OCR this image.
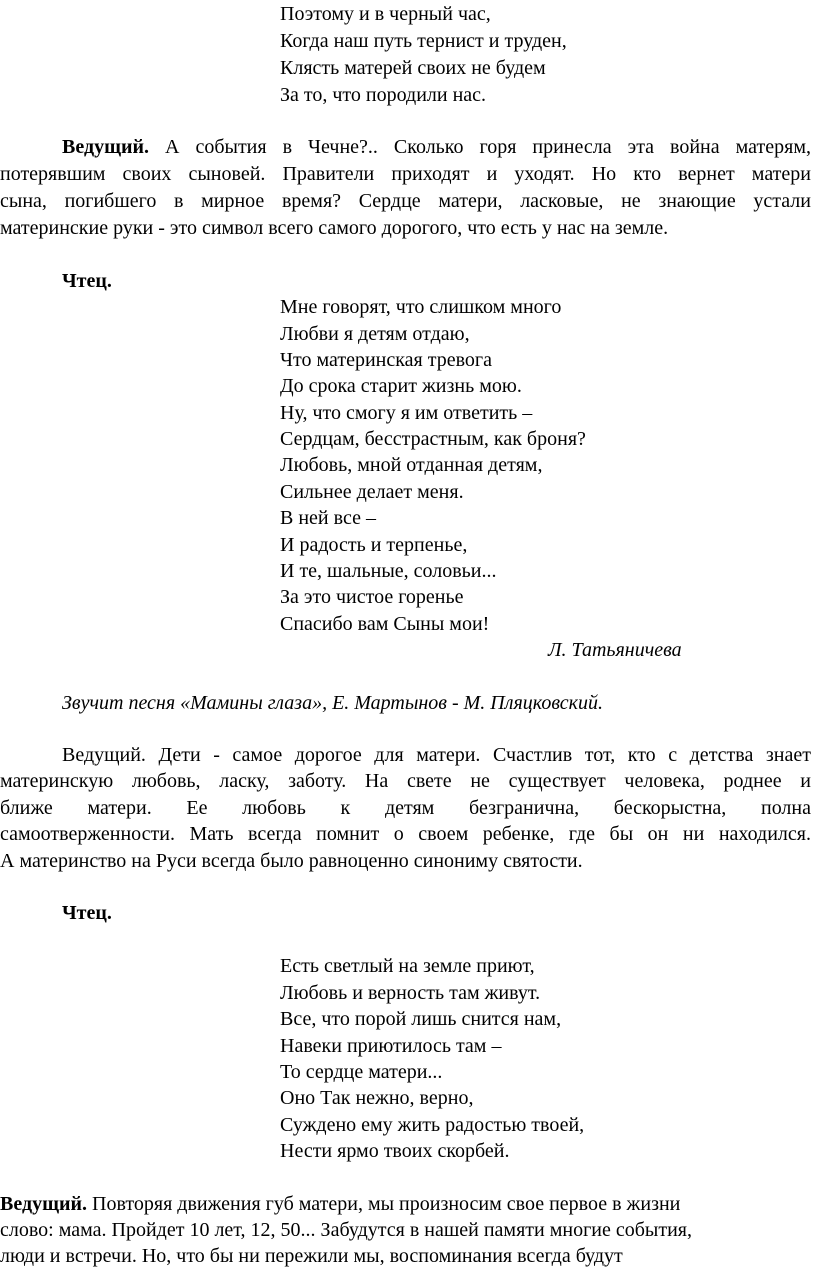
Поэтому и в черный час,
Когда наш путь тернист и труден,
Клясть матерей своих не будем
За то, что породили нас.
Ведущий. А события в Чечне?.. Сколько горя принесла эта война матерям,
потерявшим своих сыновей. Правители приходят и уходят. Но кто вернет матери
сына, погибшего в мирное время? Сердце матери, ласковые, не знающие устали
материнские руки - это символ всего самого дорогого, что есть у нас на земле.
Чтец.
Мне говорят, что слишком много
Любви я детям отдаю,
Что материнская тревога
До срока старит жизнь мою.
Ну, что смогу я им ответить –
Сердцам, бесстрастным, как броня?
Любовь, мной отданная детям,
Сильнее делает меня.
В ней все –
И радость и терпенье,
И те, шальные, соловьи...
За это чистое горенье
Спасибо вам Сыны мои!
Л. Татьяничева
Звучит песня «Мамины глаза», Е. Мартынов - М. Пляцковский.
Ведущий. Дети - самое дорогое для матери. Счастлив тот, кто с детства знает
материнскую любовь, ласку, заботу. На свете не существует человека, роднее и
ближе матери. Ее любовь к детям безгранична, бескорыстна, полна
самоотверженности. Мать всегда помнит о своем ребенке, где бы он ни находился.
А материнство на Руси всегда было равноценно синониму святости.
Чтец.
Есть светлый на земле приют,
Любовь и верность там живут.
Все, что порой лишь снится нам,
Навеки приютилось там –
То сердце матери...
Оно Так нежно, верно,
Суждено ему жить радостью твоей,
Нести ярмо твоих скорбей.
Ведущий. Повторяя движения губ матери, мы произносим свое первое в жизни
слово: мама. Пройдет 10 лет, 12, 50... Забудутся в нашей памяти многие события,
люди и встречи. Но, что бы ни пережили мы, воспоминания всегда будут
